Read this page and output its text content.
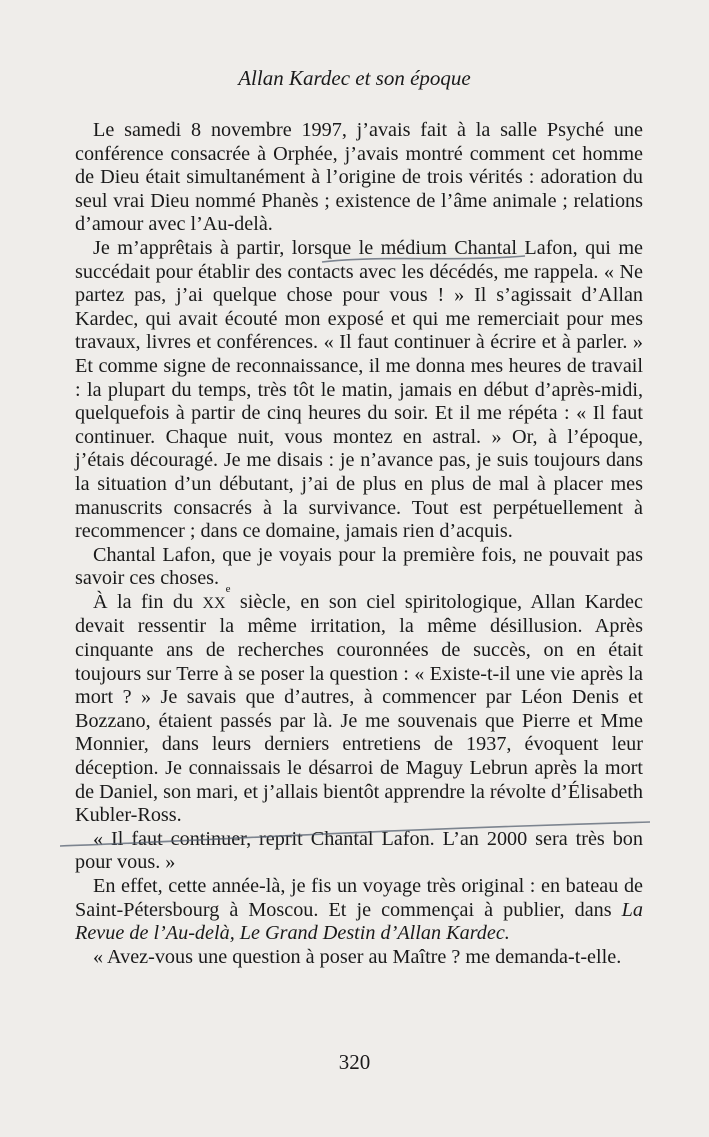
Allan Kardec et son époque

Le samedi 8 novembre 1997, j’avais fait à la salle Psyché une conférence consacrée à Orphée, j’avais montré comment cet homme de Dieu était simultanément à l’origine de trois vérités : adoration du seul vrai Dieu nommé Phanès ; existence de l’âme animale ; relations d’amour avec l’Au-delà.

Je m’apprêtais à partir, lorsque le médium Chantal Lafon, qui me succédait pour établir des contacts avec les décédés, me rappela. « Ne partez pas, j’ai quelque chose pour vous ! » Il s’agissait d’Allan Kardec, qui avait écouté mon exposé et qui me remerciait pour mes travaux, livres et conférences. « Il faut continuer à écrire et à parler. » Et comme signe de reconnaissance, il me donna mes heures de travail : la plupart du temps, très tôt le matin, jamais en début d’après-midi, quelquefois à partir de cinq heures du soir. Et il me répéta : « Il faut continuer. Chaque nuit, vous montez en astral. » Or, à l’époque, j’étais découragé. Je me disais : je n’avance pas, je suis toujours dans la situation d’un débutant, j’ai de plus en plus de mal à placer mes manuscrits consacrés à la survivance. Tout est perpétuellement à recommencer ; dans ce domaine, jamais rien d’acquis.

Chantal Lafon, que je voyais pour la première fois, ne pouvait pas savoir ces choses.

À la fin du XXe siècle, en son ciel spiritologique, Allan Kardec devait ressentir la même irritation, la même désillusion. Après cinquante ans de recherches couronnées de succès, on en était toujours sur Terre à se poser la question : « Existe-t-il une vie après la mort ? » Je savais que d’autres, à commencer par Léon Denis et Bozzano, étaient passés par là. Je me souvenais que Pierre et Mme Monnier, dans leurs derniers entretiens de 1937, évoquent leur déception. Je connaissais le désarroi de Maguy Lebrun après la mort de Daniel, son mari, et j’allais bientôt apprendre la révolte d’Élisabeth Kubler-Ross.

« Il faut continuer, reprit Chantal Lafon. L’an 2000 sera très bon pour vous. »

En effet, cette année-là, je fis un voyage très original : en bateau de Saint-Pétersbourg à Moscou. Et je commençai à publier, dans La Revue de l’Au-delà, Le Grand Destin d’Allan Kardec.

« Avez-vous une question à poser au Maître ? me demanda-t-elle.

320
